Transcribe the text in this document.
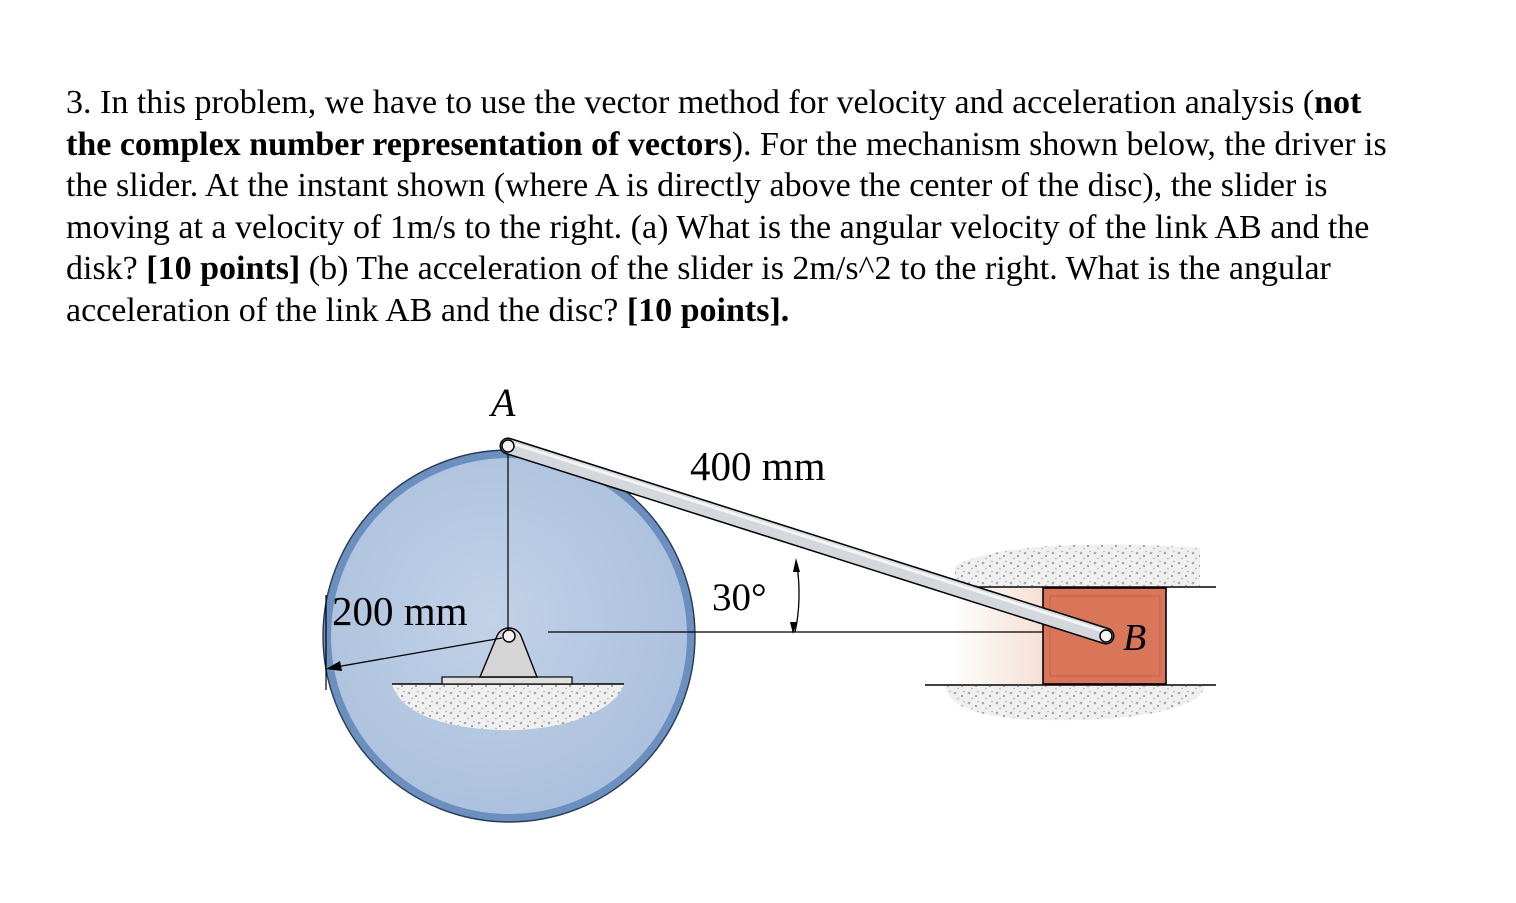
3. In this problem, we have to use the vector method for velocity and acceleration analysis (not
the complex number representation of vectors). For the mechanism shown below, the driver is
the slider. At the instant shown (where A is directly above the center of the disc), the slider is
moving at a velocity of 1m/s to the right. (a) What is the angular velocity of the link AB and the
disk? [10 points] (b) The acceleration of the slider is 2m/s^2 to the right. What is the angular
acceleration of the link AB and the disc? [10 points].

A
400 mm
30°
200 mm
B
